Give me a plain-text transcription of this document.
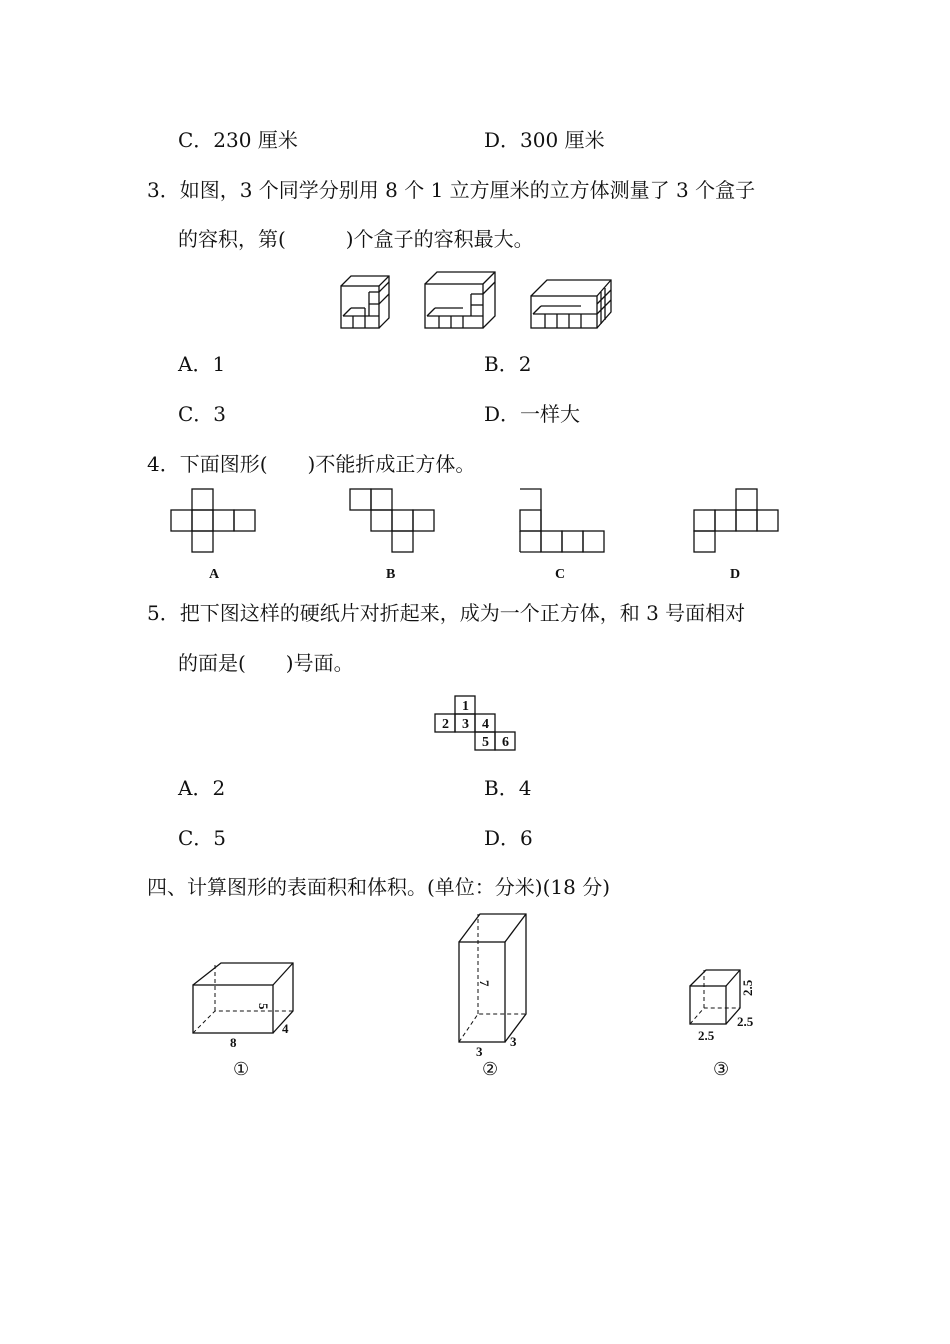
C．230 厘米	D．300 厘米
3．如图，3 个同学分别用 8 个 1 立方厘米的立方体测量了 3 个盒子
的容积，第(　　　)个盒子的容积最大。
A．1	B．2
C．3	D．一样大
4．下面图形(　　)不能折成正方体。
A	B	C	D
5．把下图这样的硬纸片对折起来，成为一个正方体，和 3 号面相对
的面是(　　)号面。
1
2 3 4
5 6
A．2	B．4
C．5	D．6
四、计算图形的表面积和体积。(单位：分米)(18 分)
8
4
5
①
3
3
7
②
2.5
2.5
2.5
③
